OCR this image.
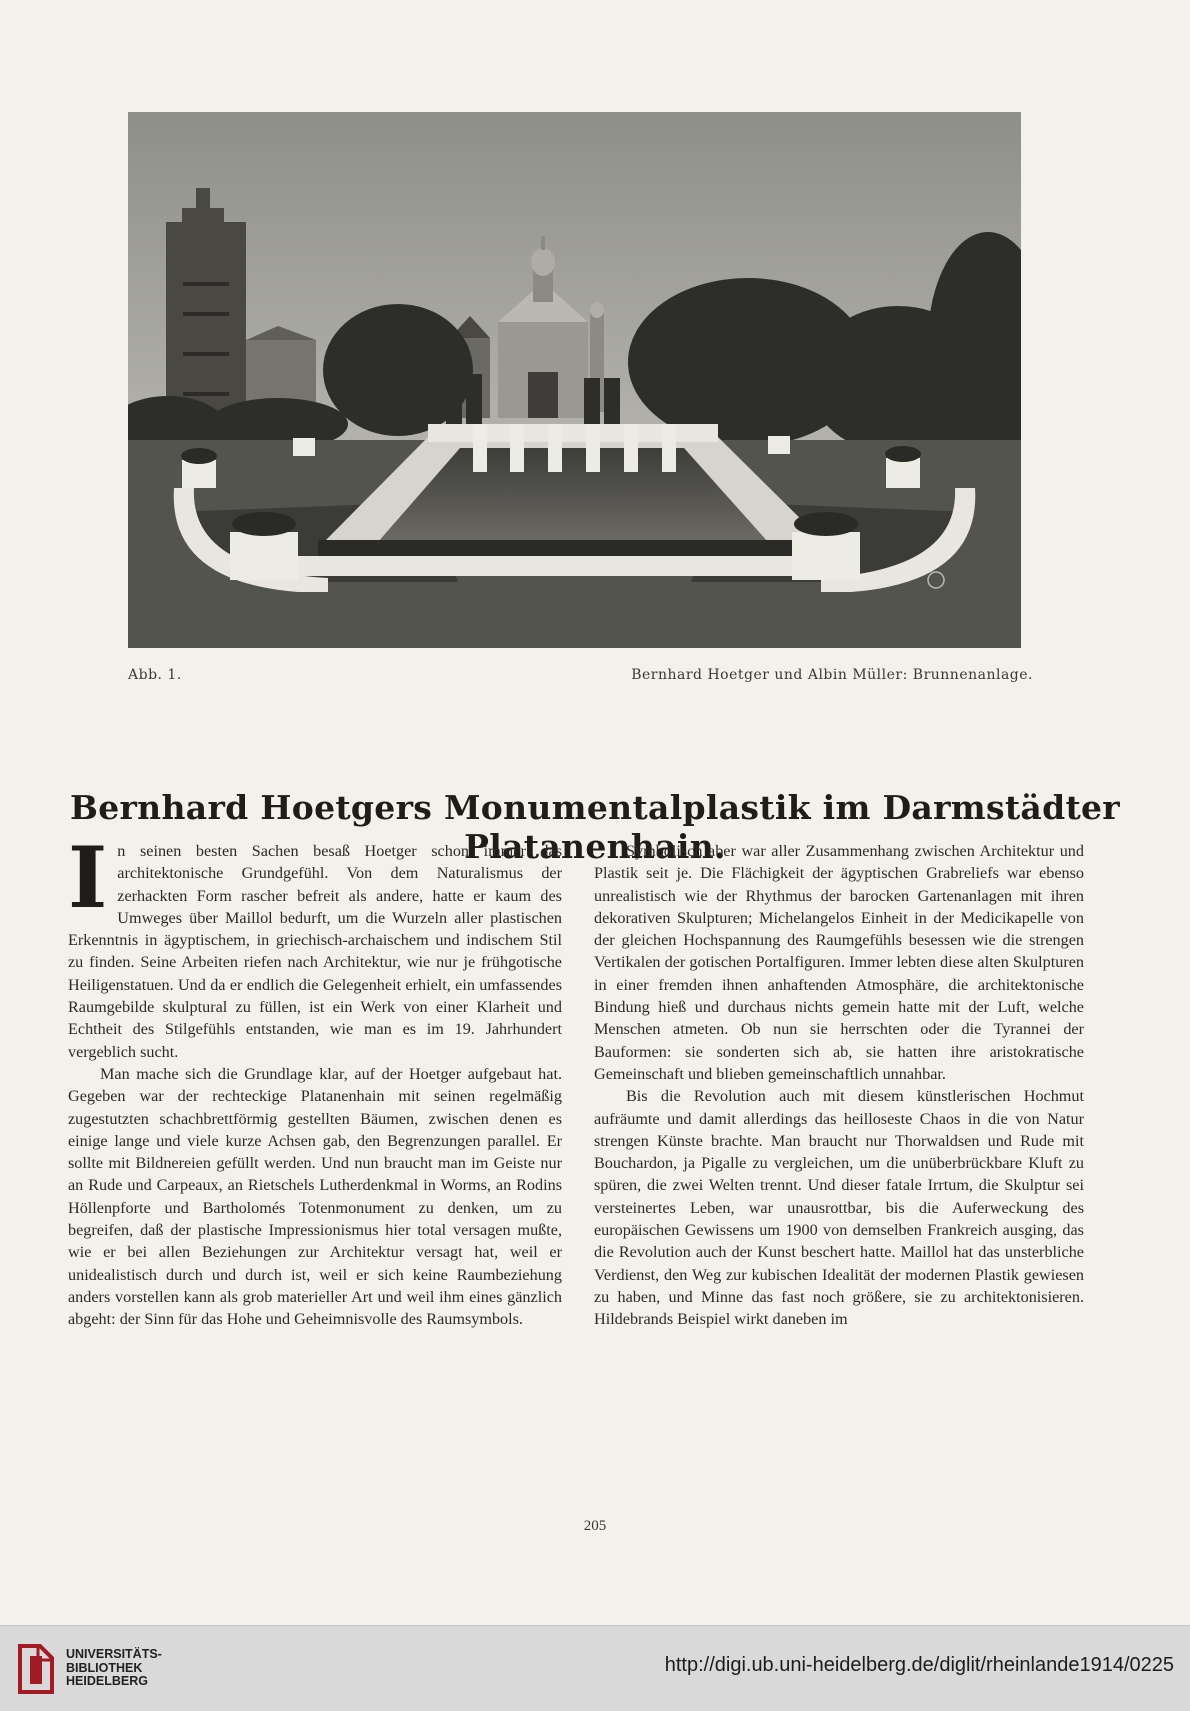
Abb. 1.	Bernhard Hoetger und Albin Müller: Brunnenanlage.
Bernhard Hoetgers Monumentalplastik im Darmstädter Platanenhain.

In seinen besten Sachen besaß Hoetger schon immer das architektonische Grundgefühl. Von dem Naturalismus der zerhackten Form rascher befreit als andere, hatte er kaum des Umweges über Maillol bedurft, um die Wurzeln aller plastischen Erkenntnis in ägyptischem, in griechisch-archaischem und indischem Stil zu finden. Seine Arbeiten riefen nach Architektur, wie nur je frühgotische Heiligenstatuen. Und da er endlich die Gelegenheit erhielt, ein umfassendes Raumgebilde skulptural zu füllen, ist ein Werk von einer Klarheit und Echtheit des Stilgefühls entstanden, wie man es im 19. Jahrhundert vergeblich sucht.

Man mache sich die Grundlage klar, auf der Hoetger aufgebaut hat. Gegeben war der rechteckige Platanenhain mit seinen regelmäßig zugestutzten schachbrettförmig gestellten Bäumen, zwischen denen es einige lange und viele kurze Achsen gab, den Begrenzungen parallel. Er sollte mit Bildnereien gefüllt werden. Und nun braucht man im Geiste nur an Rude und Carpeaux, an Rietschels Lutherdenkmal in Worms, an Rodins Höllenpforte und Bartholomés Totenmonument zu denken, um zu begreifen, daß der plastische Impressionismus hier total versagen mußte, wie er bei allen Beziehungen zur Architektur versagt hat, weil er unidealistisch durch und durch ist, weil er sich keine Raumbeziehung anders vorstellen kann als grob materieller Art und weil ihm eines gänzlich abgeht: der Sinn für das Hohe und Geheimnisvolle des Raumsymbols.

Symbolisch aber war aller Zusammenhang zwischen Architektur und Plastik seit je. Die Flächigkeit der ägyptischen Grabreliefs war ebenso unrealistisch wie der Rhythmus der barocken Gartenanlagen mit ihren dekorativen Skulpturen; Michelangelos Einheit in der Medicikapelle von der gleichen Hochspannung des Raumgefühls besessen wie die strengen Vertikalen der gotischen Portalfiguren. Immer lebten diese alten Skulpturen in einer fremden ihnen anhaftenden Atmosphäre, die architektonische Bindung hieß und durchaus nichts gemein hatte mit der Luft, welche Menschen atmeten. Ob nun sie herrschten oder die Tyrannei der Bauformen: sie sonderten sich ab, sie hatten ihre aristokratische Gemeinschaft und blieben gemeinschaftlich unnahbar.

Bis die Revolution auch mit diesem künstlerischen Hochmut aufräumte und damit allerdings das heilloseste Chaos in die von Natur strengen Künste brachte. Man braucht nur Thorwaldsen und Rude mit Bouchardon, ja Pigalle zu vergleichen, um die unüberbrückbare Kluft zu spüren, die zwei Welten trennt. Und dieser fatale Irrtum, die Skulptur sei versteinertes Leben, war unausrottbar, bis die Auferweckung des europäischen Gewissens um 1900 von demselben Frankreich ausging, das die Revolution auch der Kunst beschert hatte. Maillol hat das unsterbliche Verdienst, den Weg zur kubischen Idealität der modernen Plastik gewiesen zu haben, und Minne das fast noch größere, sie zu architektonisieren. Hildebrands Beispiel wirkt daneben im

205
UNIVERSITÄTS-
BIBLIOTHEK
HEIDELBERG
http://digi.ub.uni-heidelberg.de/diglit/rheinlande1914/0225
